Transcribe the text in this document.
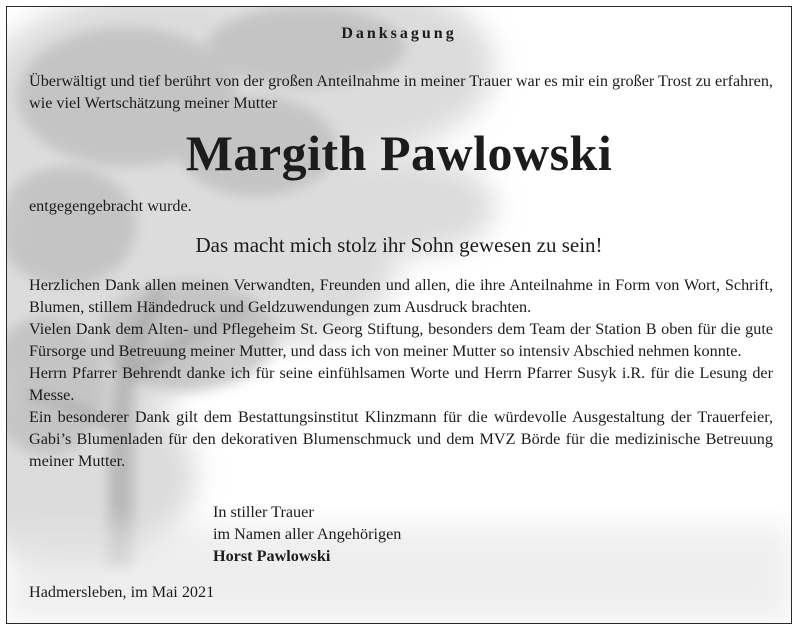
Danksagung
Überwältigt und tief berührt von der großen Anteilnahme in meiner Trauer war es mir ein großer Trost zu erfahren, wie viel Wertschätzung meiner Mutter
Margith Pawlowski
entgegengebracht wurde.
Das macht mich stolz ihr Sohn gewesen zu sein!
Herzlichen Dank allen meinen Verwandten, Freunden und allen, die ihre Anteilnahme in Form von Wort, Schrift, Blumen, stillem Händedruck und Geldzuwendungen zum Ausdruck brachten.
Vielen Dank dem Alten- und Pflegeheim St. Georg Stiftung, besonders dem Team der Station B oben für die gute Fürsorge und Betreuung meiner Mutter, und dass ich von meiner Mutter so intensiv Abschied nehmen konnte.
Herrn Pfarrer Behrendt danke ich für seine einfühlsamen Worte und Herrn Pfarrer Susyk i.R. für die Lesung der Messe.
Ein besonderer Dank gilt dem Bestattungsinstitut Klinzmann für die würdevolle Ausgestaltung der Trauerfeier, Gabi’s Blumenladen für den dekorativen Blumenschmuck und dem MVZ Börde für die medizinische Betreuung meiner Mutter.
In stiller Trauer
im Namen aller Angehörigen
Horst Pawlowski
Hadmersleben, im Mai 2021
